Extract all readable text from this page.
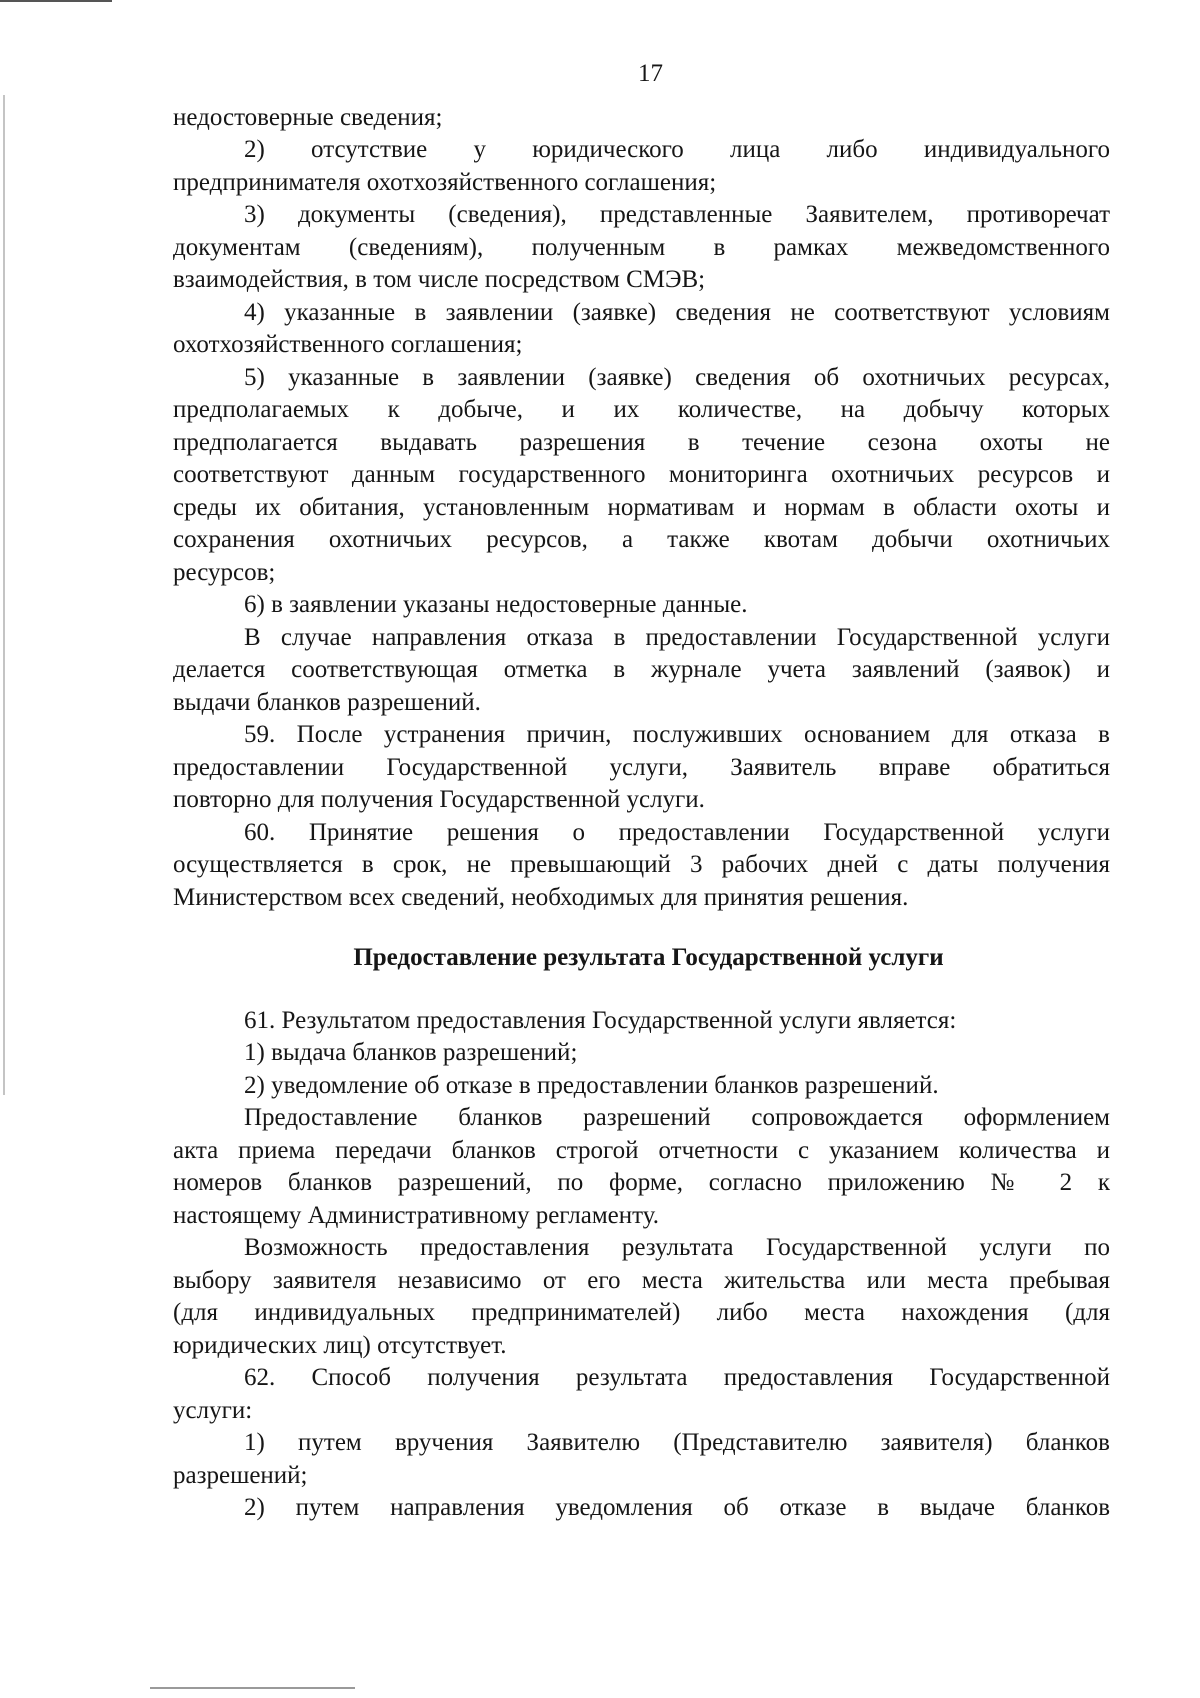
17
недостоверные сведения;
2) отсутствие у юридического лица либо индивидуального
предпринимателя охотхозяйственного соглашения;
3) документы (сведения), представленные Заявителем, противоречат
документам (сведениям), полученным в рамках межведомственного
взаимодействия, в том числе посредством СМЭВ;
4) указанные в заявлении (заявке) сведения не соответствуют условиям
охотхозяйственного соглашения;
5) указанные в заявлении (заявке) сведения об охотничьих ресурсах,
предполагаемых к добыче, и их количестве, на добычу которых
предполагается выдавать разрешения в течение сезона охоты не
соответствуют данным государственного мониторинга охотничьих ресурсов и
среды их обитания, установленным нормативам и нормам в области охоты и
сохранения охотничьих ресурсов, а также квотам добычи охотничьих
ресурсов;
6) в заявлении указаны недостоверные данные.
В случае направления отказа в предоставлении Государственной услуги
делается соответствующая отметка в журнале учета заявлений (заявок) и
выдачи бланков разрешений.
59. После устранения причин, послуживших основанием для отказа в
предоставлении Государственной услуги, Заявитель вправе обратиться
повторно для получения Государственной услуги.
60. Принятие решения о предоставлении Государственной услуги
осуществляется в срок, не превышающий 3 рабочих дней с даты получения
Министерством всех сведений, необходимых для принятия решения.
Предоставление результата Государственной услуги
61. Результатом предоставления Государственной услуги является:
1) выдача бланков разрешений;
2) уведомление об отказе в предоставлении бланков разрешений.
Предоставление бланков разрешений сопровождается оформлением
акта приема передачи бланков строгой отчетности с указанием количества и
номеров бланков разрешений, по форме, согласно приложению № 2 к
настоящему Административному регламенту.
Возможность предоставления результата Государственной услуги по
выбору заявителя независимо от его места жительства или места пребывая
(для индивидуальных предпринимателей) либо места нахождения (для
юридических лиц) отсутствует.
62. Способ получения результата предоставления Государственной
услуги:
1) путем вручения Заявителю (Представителю заявителя) бланков
разрешений;
2) путем направления уведомления об отказе в выдаче бланков
